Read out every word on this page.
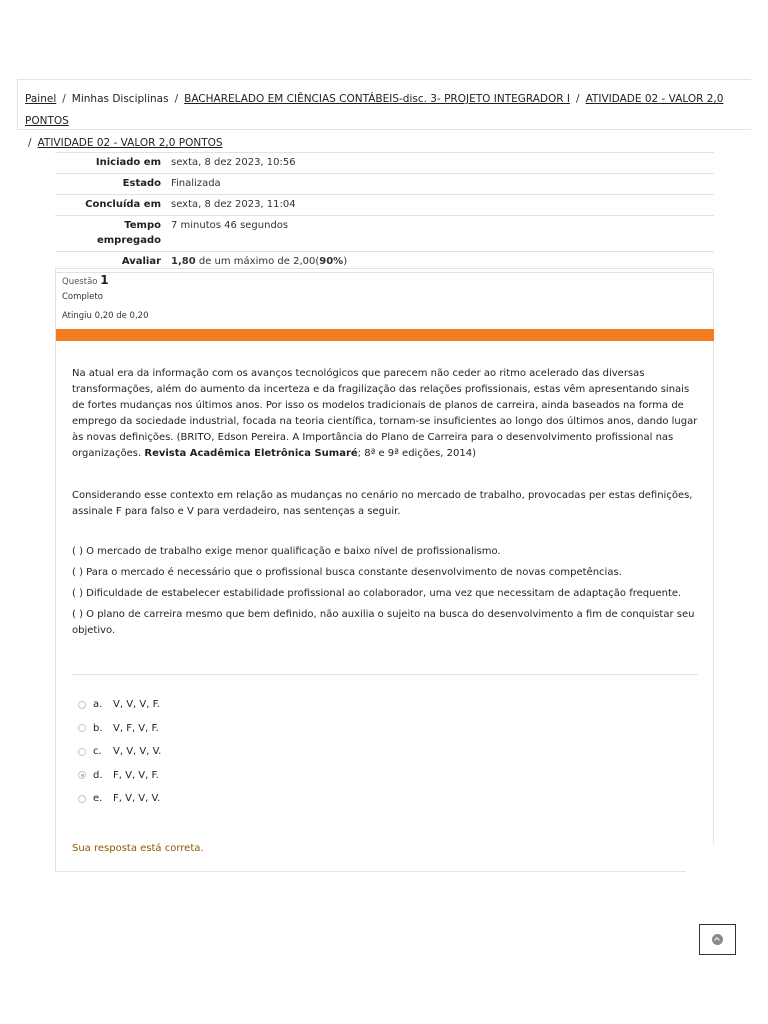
Painel / Minhas Disciplinas / BACHARELADO EM CIÊNCIAS CONTÁBEIS-disc. 3- PROJETO INTEGRADOR I / ATIVIDADE 02 - VALOR 2,0 PONTOS
/ ATIVIDADE 02 - VALOR 2,0 PONTOS
Iniciado em	sexta, 8 dez 2023, 10:56
Estado	Finalizada
Concluída em	sexta, 8 dez 2023, 11:04
Tempo empregado	7 minutos 46 segundos
Avaliar	1,80 de um máximo de 2,00(90%)
Questão 1
Completo
Atingiu 0,20 de 0,20

Na atual era da informação com os avanços tecnológicos que parecem não ceder ao ritmo acelerado das diversas transformações, além do aumento da incerteza e da fragilização das relações profissionais, estas vêm apresentando sinais de fortes mudanças nos últimos anos. Por isso os modelos tradicionais de planos de carreira, ainda baseados na forma de emprego da sociedade industrial, focada na teoria científica, tornam-se insuficientes ao longo dos últimos anos, dando lugar às novas definições. (BRITO, Edson Pereira. A Importância do Plano de Carreira para o desenvolvimento profissional nas organizações. Revista Acadêmica Eletrônica Sumaré; 8ª e 9ª edições, 2014)

Considerando esse contexto em relação as mudanças no cenário no mercado de trabalho, provocadas per estas definições, assinale F para falso e V para verdadeiro, nas sentenças a seguir.

( ) O mercado de trabalho exige menor qualificação e baixo nível de profissionalismo.

( ) Para o mercado é necessário que o profissional busca constante desenvolvimento de novas competências.

( ) Dificuldade de estabelecer estabilidade profissional ao colaborador, uma vez que necessitam de adaptação frequente.

( ) O plano de carreira mesmo que bem definido, não auxilia o sujeito na busca do desenvolvimento a fim de conquistar seu objetivo.

a.	V, V, V, F.
b.	V, F, V, F.
c.	V, V, V, V.
d.	F, V, V, F.
e.	F, V, V, V.
Sua resposta está correta.
